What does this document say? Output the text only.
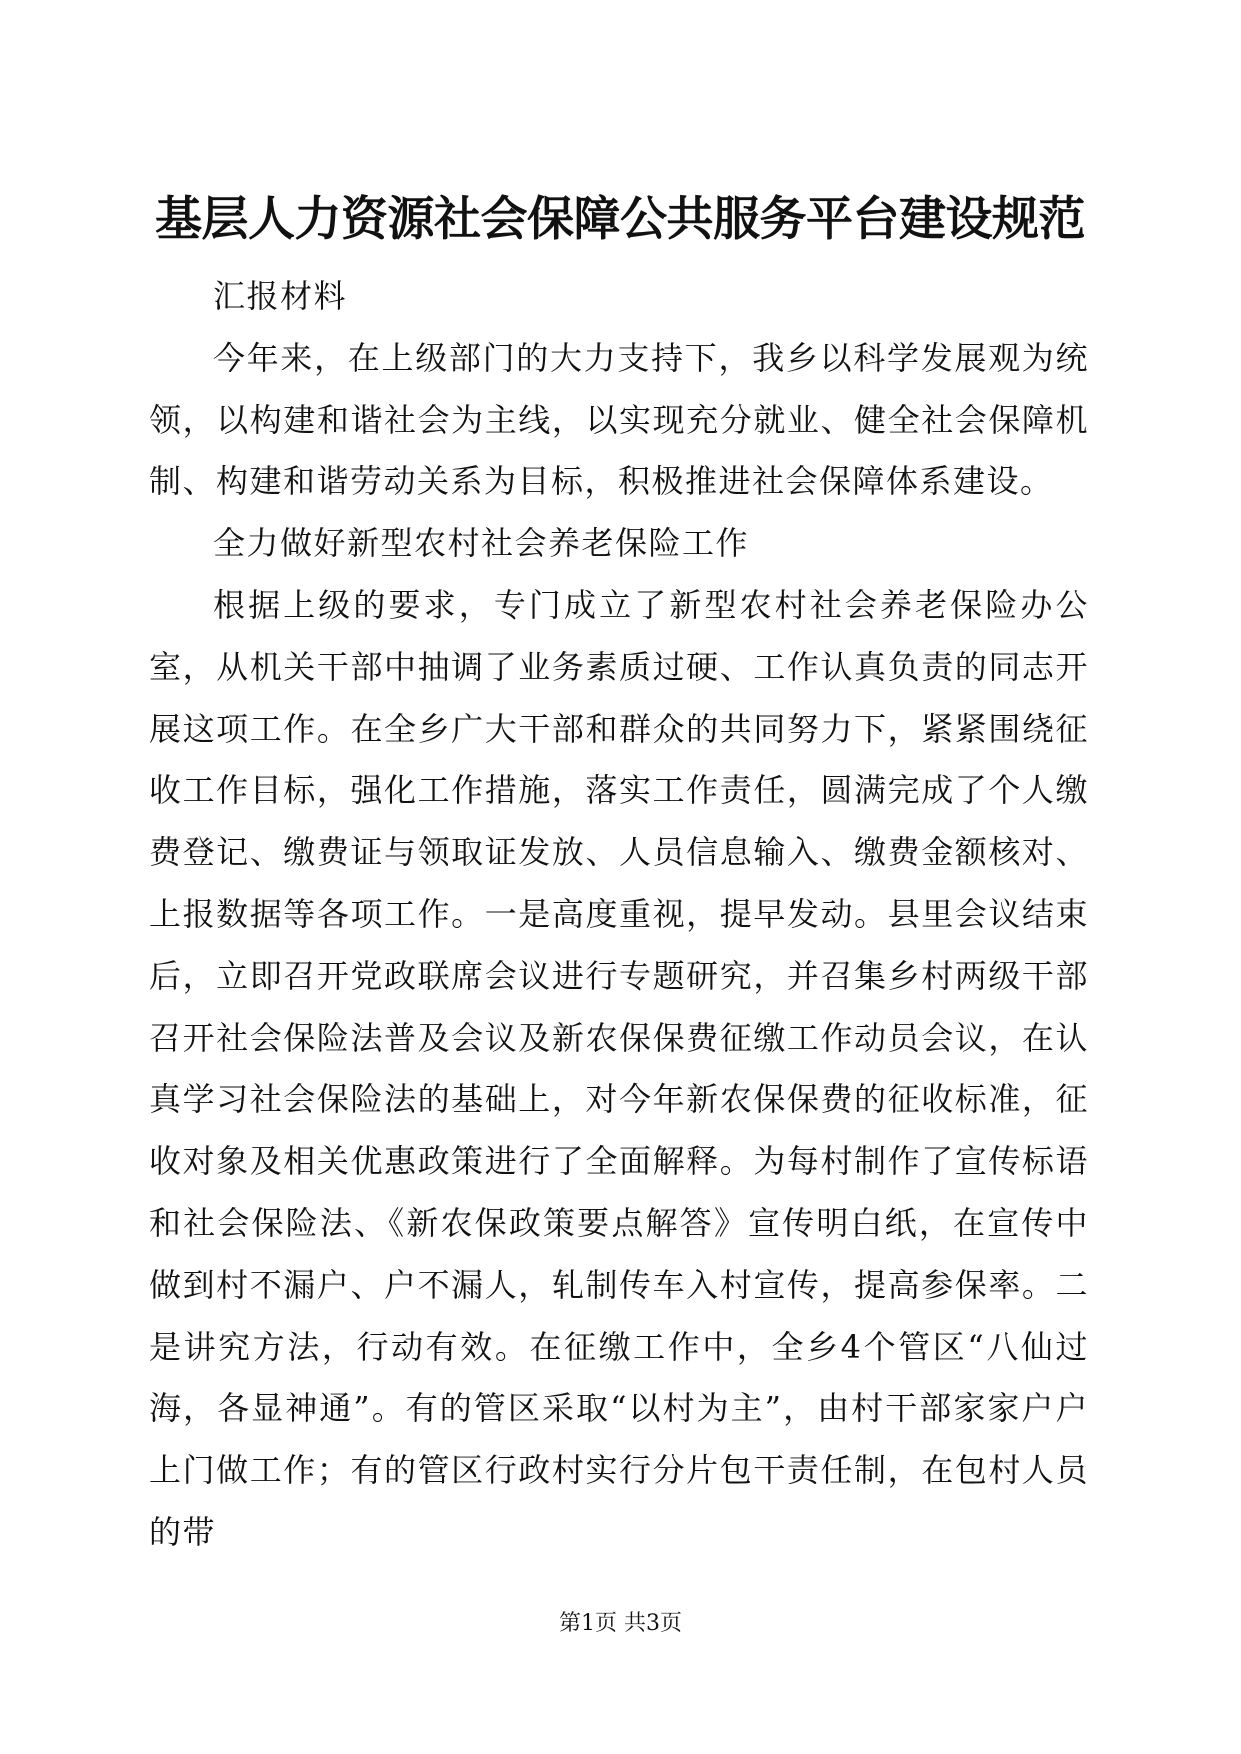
基层人力资源社会保障公共服务平台建设规范

汇报材料

今年来，在上级部门的大力支持下，我乡以科学发展观为统领，以构建和谐社会为主线，以实现充分就业、健全社会保障机制、构建和谐劳动关系为目标，积极推进社会保障体系建设。

全力做好新型农村社会养老保险工作

根据上级的要求，专门成立了新型农村社会养老保险办公室，从机关干部中抽调了业务素质过硬、工作认真负责的同志开展这项工作。在全乡广大干部和群众的共同努力下，紧紧围绕征收工作目标，强化工作措施，落实工作责任，圆满完成了个人缴费登记、缴费证与领取证发放、人员信息输入、缴费金额核对、上报数据等各项工作。一是高度重视，提早发动。县里会议结束后，立即召开党政联席会议进行专题研究，并召集乡村两级干部召开社会保险法普及会议及新农保保费征缴工作动员会议，在认真学习社会保险法的基础上，对今年新农保保费的征收标准，征收对象及相关优惠政策进行了全面解释。为每村制作了宣传标语和社会保险法、《新农保政策要点解答》宣传明白纸，在宣传中做到村不漏户、户不漏人，轧制传车入村宣传，提高参保率。二是讲究方法，行动有效。在征缴工作中，全乡4个管区“八仙过海，各显神通”。有的管区采取“以村为主”，由村干部家家户户上门做工作；有的管区行政村实行分片包干责任制，在包村人员的带

第1页 共3页
